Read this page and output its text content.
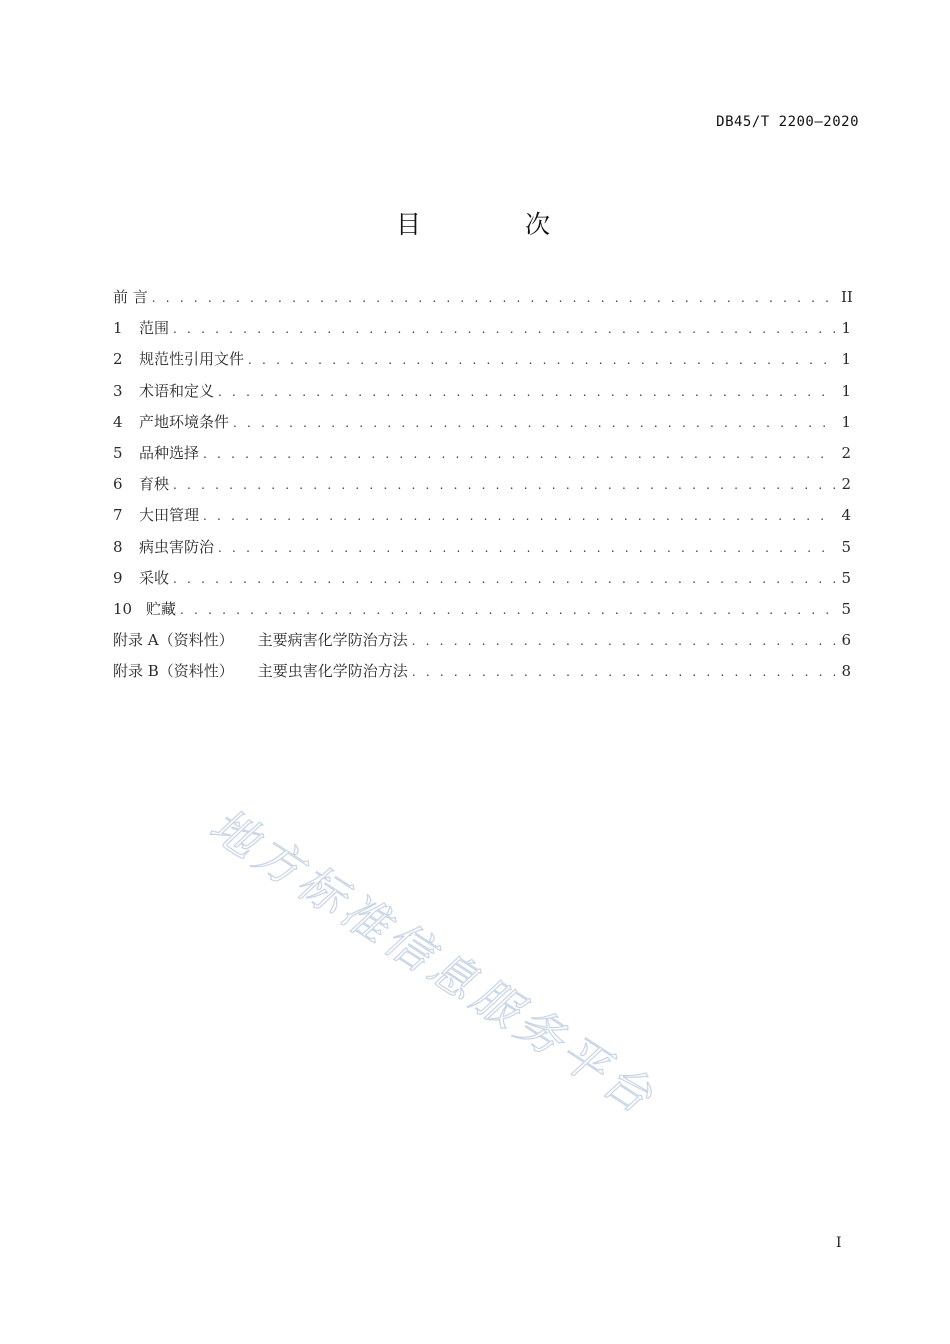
DB45/T 2200—2020
目 次
前 言 . . .	II
1	范围 . . .	1
2	规范性引用文件 . . .	1
3	术语和定义 . . .	1
4	产地环境条件 . . .	1
5	品种选择 . . .	2
6	育秧 . . .	2
7	大田管理 . . .	4
8	病虫害防治 . . .	5
9	采收 . . .	5
10 贮藏 . . .	5
附录 A（资料性） 主要病害化学防治方法 . . .	6
附录 B（资料性） 主要虫害化学防治方法 . . .	8
地方标准信息服务平台
I
